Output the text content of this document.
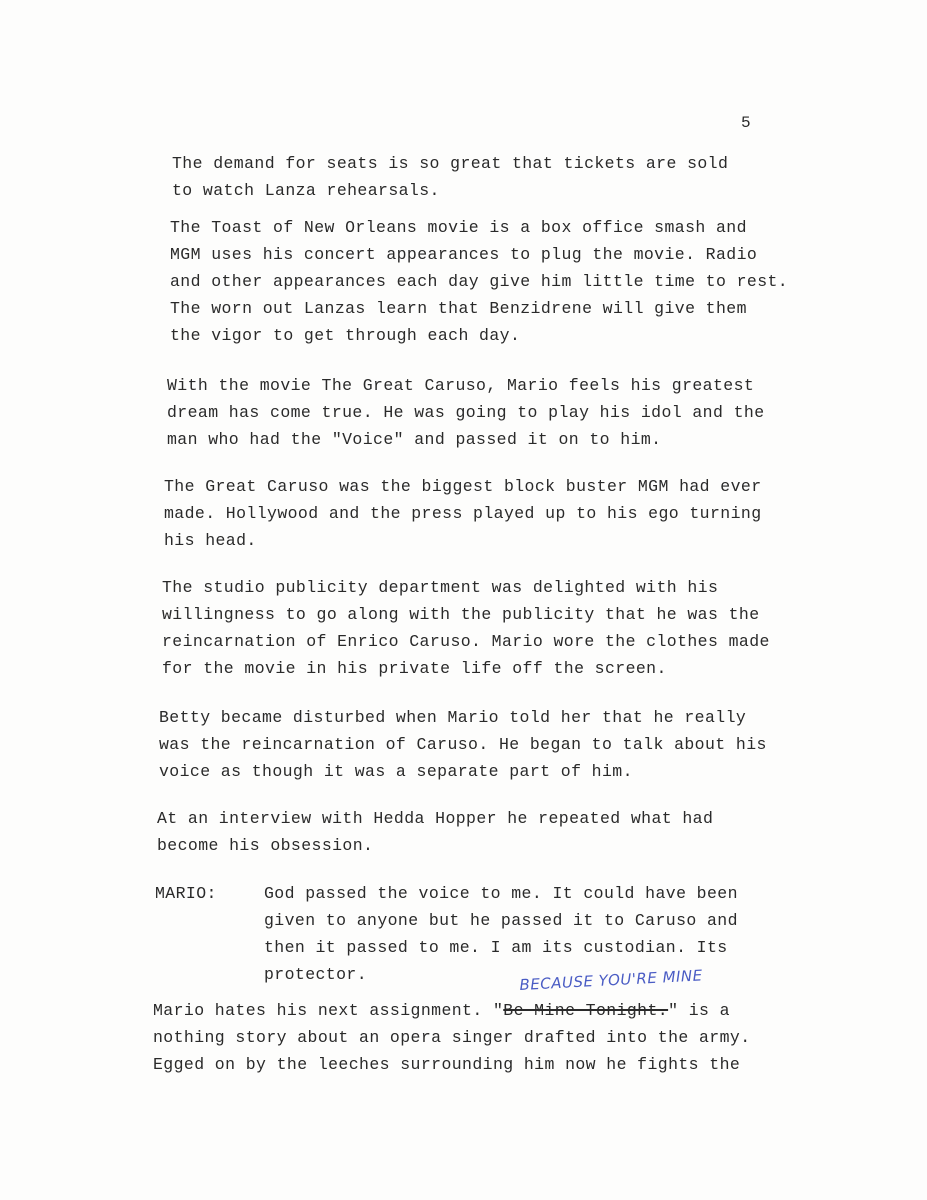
5
The demand for seats is so great that tickets are sold
to watch Lanza rehearsals.
The Toast of New Orleans movie is a box office smash and
MGM uses his concert appearances to plug the movie. Radio
and other appearances each day give him little time to rest.
The worn out Lanzas learn that Benzidrene will give them
the vigor to get through each day.
With the movie The Great Caruso, Mario feels his greatest
dream has come true. He was going to play his idol and the
man who had the "Voice" and passed it on to him.
The Great Caruso was the biggest block buster MGM had ever
made. Hollywood and the press played up to his ego turning
his head.
The studio publicity department was delighted with his
willingness to go along with the publicity that he was the
reincarnation of Enrico Caruso. Mario wore the clothes made
for the movie in his private life off the screen.
Betty became disturbed when Mario told her that he really
was the reincarnation of Caruso. He began to talk about his
voice as though it was a separate part of him.
At an interview with Hedda Hopper he repeated what had
become his obsession.
MARIO:	God passed the voice to me. It could have been
given to anyone but he passed it to Caruso and
then it passed to me. I am its custodian. Its
protector.	BECAUSE YOU'RE MINE
Mario hates his next assignment. "Be Mine Tonight." is a
nothing story about an opera singer drafted into the army.
Egged on by the leeches surrounding him now he fights the
